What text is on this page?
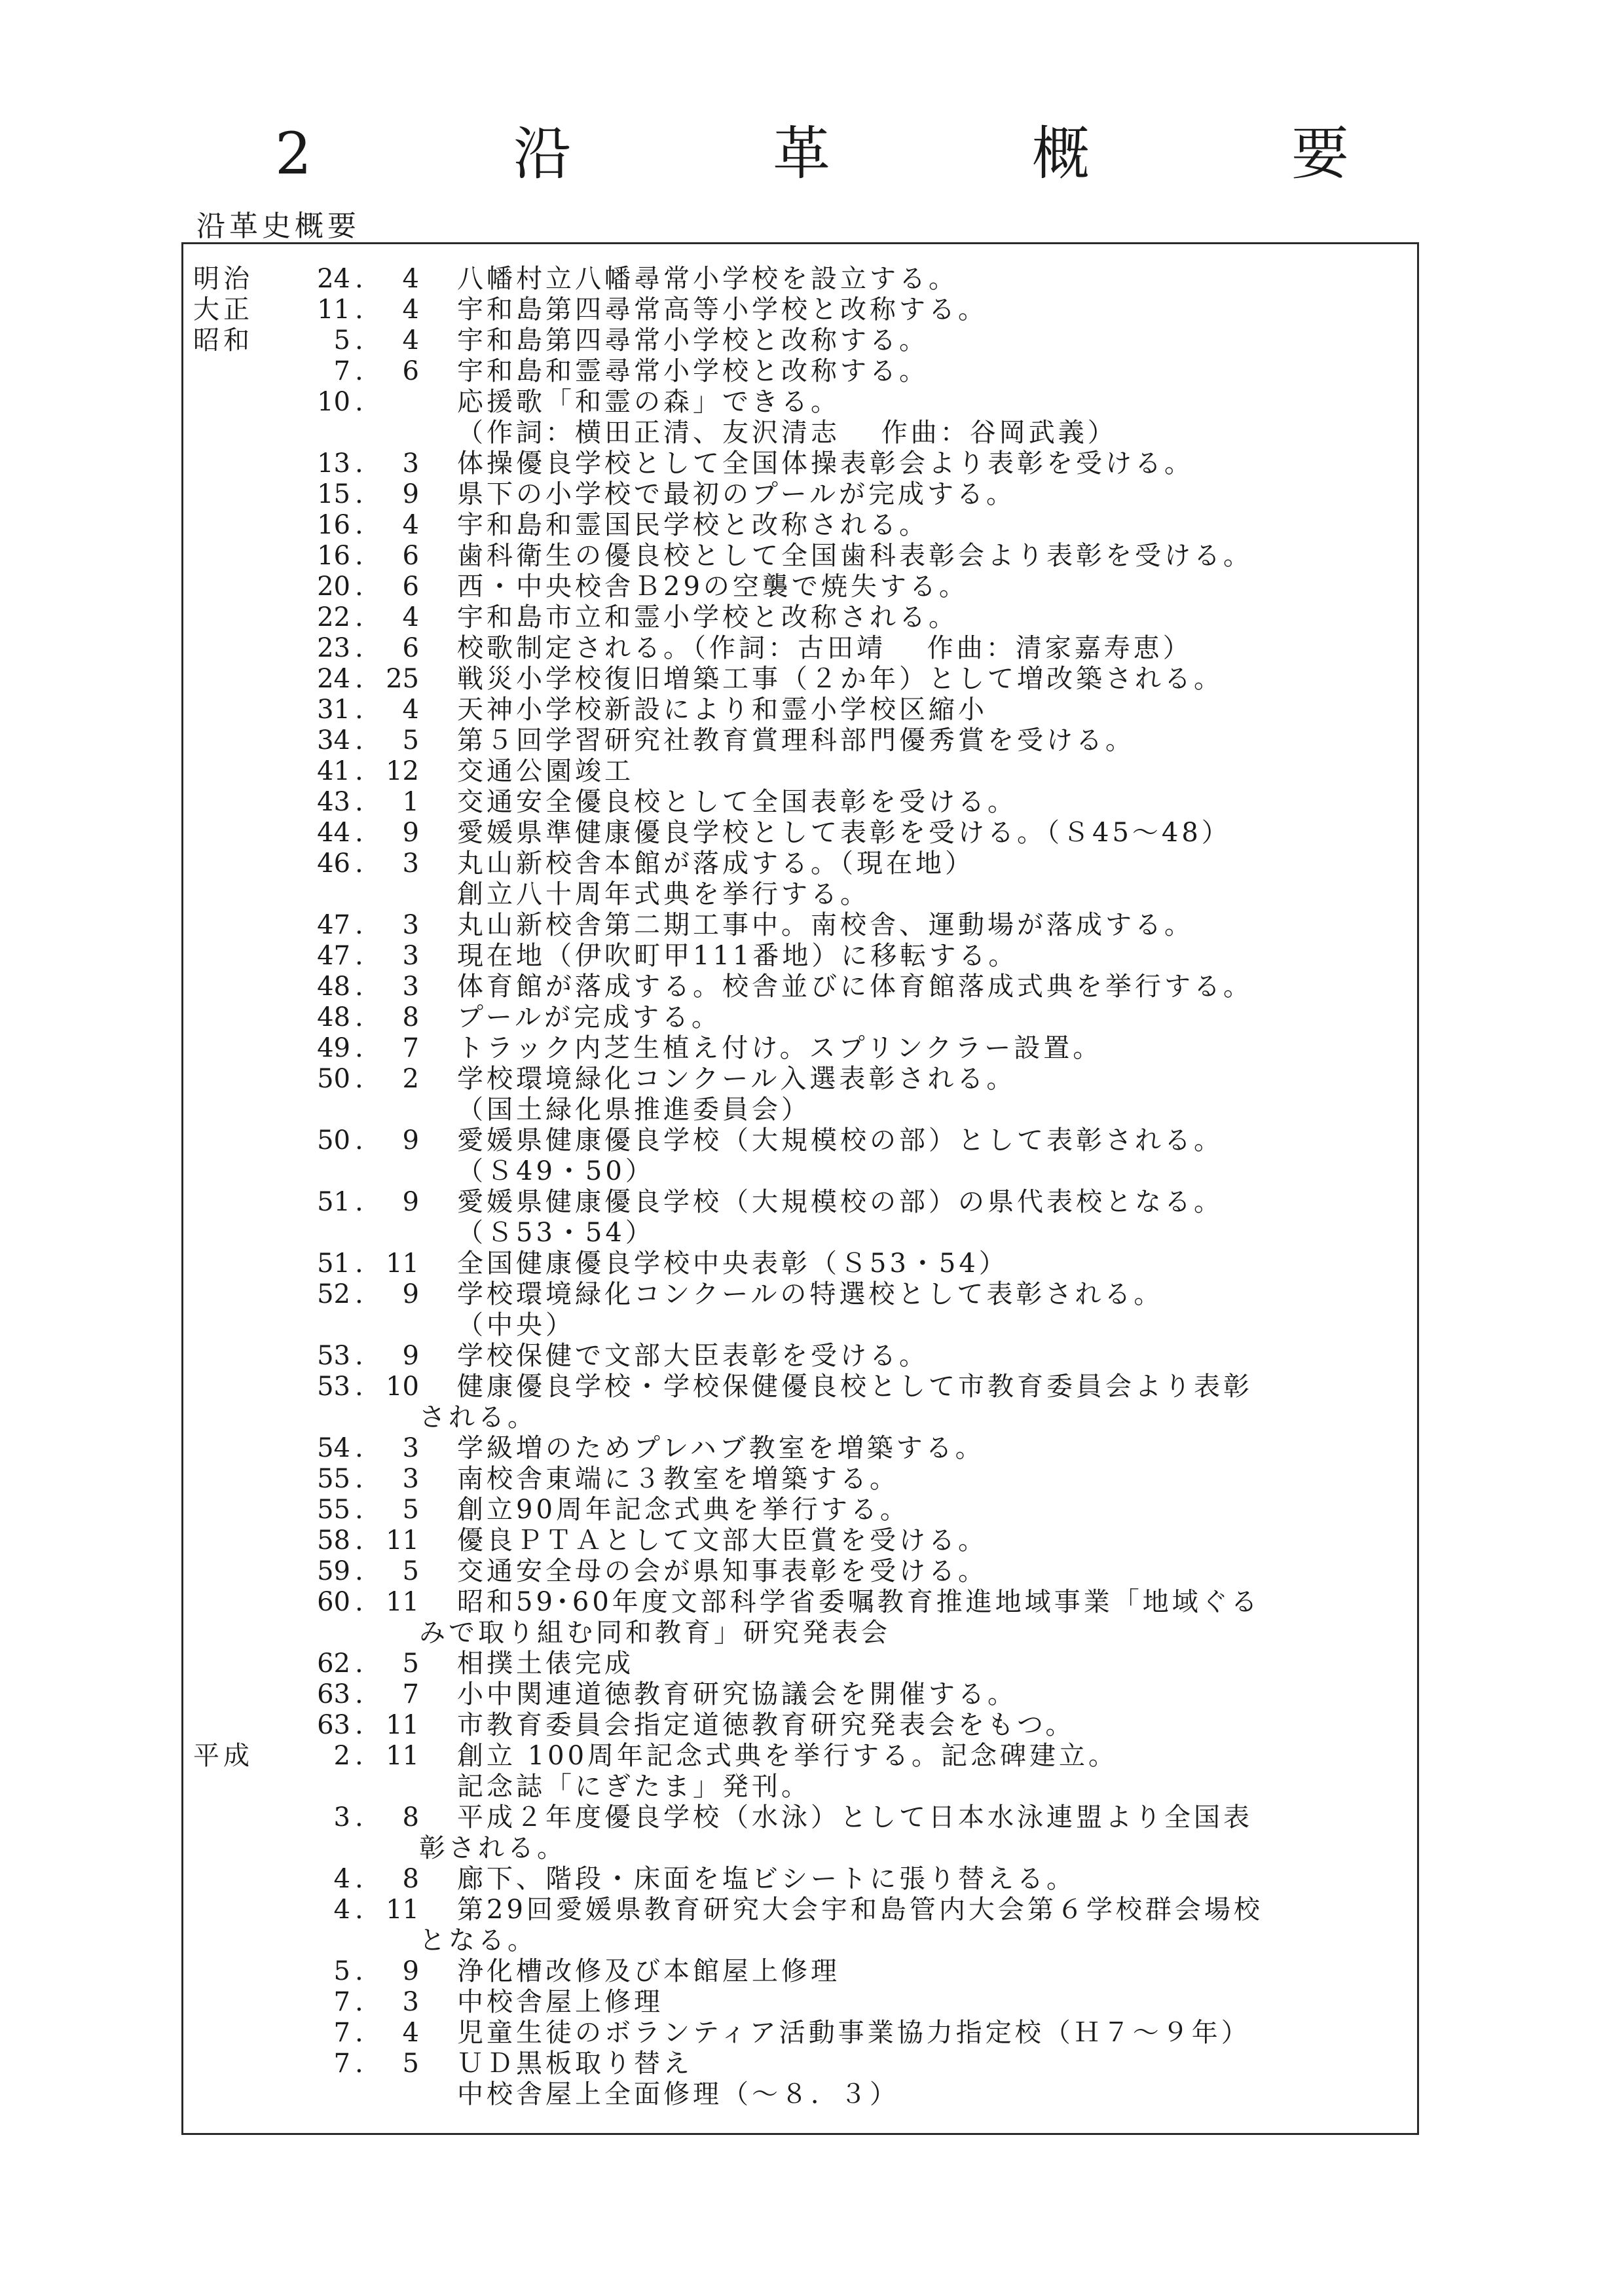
2　沿　革　概　要
沿革史概要
明治	24 .	4 八幡村立八幡尋常小学校を設立する。
大正	11 .	4 宇和島第四尋常高等小学校と改称する。
昭和	5 .	4 宇和島第四尋常小学校と改称する。
7 .	6 宇和島和霊尋常小学校と改称する。
10 .	応援歌「和霊の森」できる。
（作詞：横田正清、友沢清志　 作曲：谷岡武義）
13 .	3 体操優良学校として全国体操表彰会より表彰を受ける。
15 .	9 県下の小学校で最初のプールが完成する。
16 .	4 宇和島和霊国民学校と改称される。
16 .	6 歯科衛生の優良校として全国歯科表彰会より表彰を受ける。
20 .	6 西・中央校舎Ｂ29の空襲で焼失する。
22 .	4 宇和島市立和霊小学校と改称される。
23 .	6 校歌制定される。（作詞：古田靖　 作曲：清家嘉寿恵）
24 . 25 戦災小学校復旧増築工事（２か年）として増改築される。
31 .	4 天神小学校新設により和霊小学校区縮小
34 .	5 第５回学習研究社教育賞理科部門優秀賞を受ける。
41 . 12 交通公園竣工
43 .	1 交通安全優良校として全国表彰を受ける。
44 .	9 愛媛県準健康優良学校として表彰を受ける。（Ｓ45～48）
46 .	3 丸山新校舎本館が落成する。（現在地）
創立八十周年式典を挙行する。
47 .	3 丸山新校舎第二期工事中。南校舎、運動場が落成する。
47 .	3 現在地（伊吹町甲111番地）に移転する。
48 .	3 体育館が落成する。校舎並びに体育館落成式典を挙行する。
48 .	8 プールが完成する。
49 .	7 トラック内芝生植え付け。スプリンクラー設置。
50 .	2 学校環境緑化コンクール入選表彰される。
（国土緑化県推進委員会）
50 .	9 愛媛県健康優良学校（大規模校の部）として表彰される。
（Ｓ49・50）
51 .	9 愛媛県健康優良学校（大規模校の部）の県代表校となる。
（Ｓ53・54）
51 . 11 全国健康優良学校中央表彰（Ｓ53・54）
52 .	9 学校環境緑化コンクールの特選校として表彰される。
（中央）
53 .	9 学校保健で文部大臣表彰を受ける。
53 . 10 健康優良学校・学校保健優良校として市教育委員会より表彰
される。
54 .	3 学級増のためプレハブ教室を増築する。
55 .	3 南校舎東端に３教室を増築する。
55 .	5 創立90周年記念式典を挙行する。
58 . 11 優良ＰＴＡとして文部大臣賞を受ける。
59 .	5 交通安全母の会が県知事表彰を受ける。
60 . 11 昭和59･60年度文部科学省委嘱教育推進地域事業「地域ぐる
みで取り組む同和教育」研究発表会
62 .	5 相撲土俵完成
63 .	7 小中関連道徳教育研究協議会を開催する。
63 . 11 市教育委員会指定道徳教育研究発表会をもつ。
平成	2 . 11 創立 100周年記念式典を挙行する。記念碑建立。
記念誌「にぎたま」発刊。
3 .	8 平成２年度優良学校（水泳）として日本水泳連盟より全国表
彰される。
4 .	8 廊下、階段・床面を塩ビシートに張り替える。
4 . 11 第29回愛媛県教育研究大会宇和島管内大会第６学校群会場校
となる。
5 .	9 浄化槽改修及び本館屋上修理
7 .	3 中校舎屋上修理
7 .	4 児童生徒のボランティア活動事業協力指定校（Ｈ７～９年）
7 .	5 ＵＤ黒板取り替え
中校舎屋上全面修理（～８．３）
